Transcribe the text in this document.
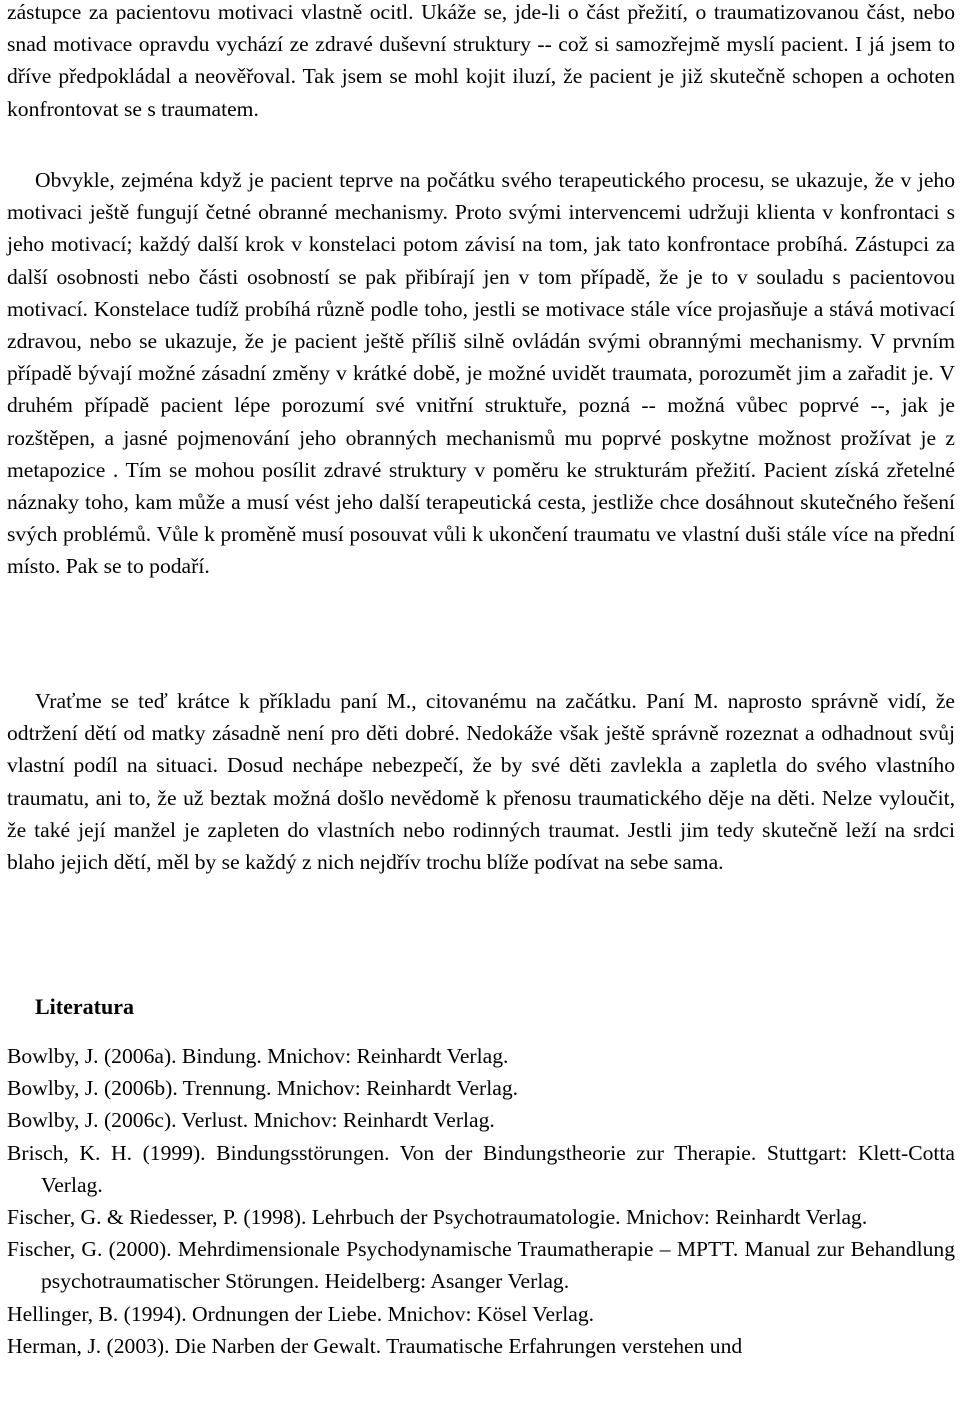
zástupce za pacientovu motivaci vlastně ocitl. Ukáže se, jde-li o část přežití, o traumatizovanou část, nebo snad motivace opravdu vychází ze zdravé duševní struktury -- což si samozřejmě myslí pacient. I já jsem to dříve předpokládal a neověřoval. Tak jsem se mohl kojit iluzí, že pacient je již skutečně schopen a ochoten konfrontovat se s traumatem.

Obvykle, zejména když je pacient teprve na počátku svého terapeutického procesu, se ukazuje, že v jeho motivaci ještě fungují četné obranné mechanismy. Proto svými intervencemi udržuji klienta v konfrontaci s jeho motivací; každý další krok v konstelaci potom závisí na tom, jak tato konfrontace probíhá. Zástupci za další osobnosti nebo části osobností se pak přibírají jen v tom případě, že je to v souladu s pacientovou motivací. Konstelace tudíž probíhá různě podle toho, jestli se motivace stále více projasňuje a stává motivací zdravou, nebo se ukazuje, že je pacient ještě příliš silně ovládán svými obrannými mechanismy. V prvním případě bývají možné zásadní změny v krátké době, je možné uvidět traumata, porozumět jim a zařadit je. V druhém případě pacient lépe porozumí své vnitřní struktuře, pozná -- možná vůbec poprvé --, jak je rozštěpen, a jasné pojmenování jeho obranných mechanismů mu poprvé poskytne možnost prožívat je z metapozice . Tím se mohou posílit zdravé struktury v poměru ke strukturám přežití. Pacient získá zřetelné náznaky toho, kam může a musí vést jeho další terapeutická cesta, jestliže chce dosáhnout skutečného řešení svých problémů. Vůle k proměně musí posouvat vůli k ukončení traumatu ve vlastní duši stále více na přední místo. Pak se to podaří.

Vraťme se teď krátce k příkladu paní M., citovanému na začátku. Paní M. naprosto správně vidí, že odtržení dětí od matky zásadně není pro děti dobré. Nedokáže však ještě správně rozeznat a odhadnout svůj vlastní podíl na situaci. Dosud nechápe nebezpečí, že by své děti zavlekla a zapletla do svého vlastního traumatu, ani to, že už beztak možná došlo nevědomě k přenosu traumatického děje na děti. Nelze vyloučit, že také její manžel je zapleten do vlastních nebo rodinných traumat. Jestli jim tedy skutečně leží na srdci blaho jejich dětí, měl by se každý z nich nejdřív trochu blíže podívat na sebe sama.

Literatura
Bowlby, J. (2006a). Bindung. Mnichov: Reinhardt Verlag.
Bowlby, J. (2006b). Trennung. Mnichov: Reinhardt Verlag.
Bowlby, J. (2006c). Verlust. Mnichov: Reinhardt Verlag.
Brisch, K. H. (1999). Bindungsstörungen. Von der Bindungstheorie zur Therapie. Stuttgart: Klett-Cotta Verlag.
Fischer, G. & Riedesser, P. (1998). Lehrbuch der Psychotraumatologie. Mnichov: Reinhardt Verlag.
Fischer, G. (2000). Mehrdimensionale Psychodynamische Traumatherapie – MPTT. Manual zur Behandlung psychotraumatischer Störungen. Heidelberg: Asanger Verlag.
Hellinger, B. (1994). Ordnungen der Liebe. Mnichov: Kösel Verlag.
Herman, J. (2003). Die Narben der Gewalt. Traumatische Erfahrungen verstehen und
